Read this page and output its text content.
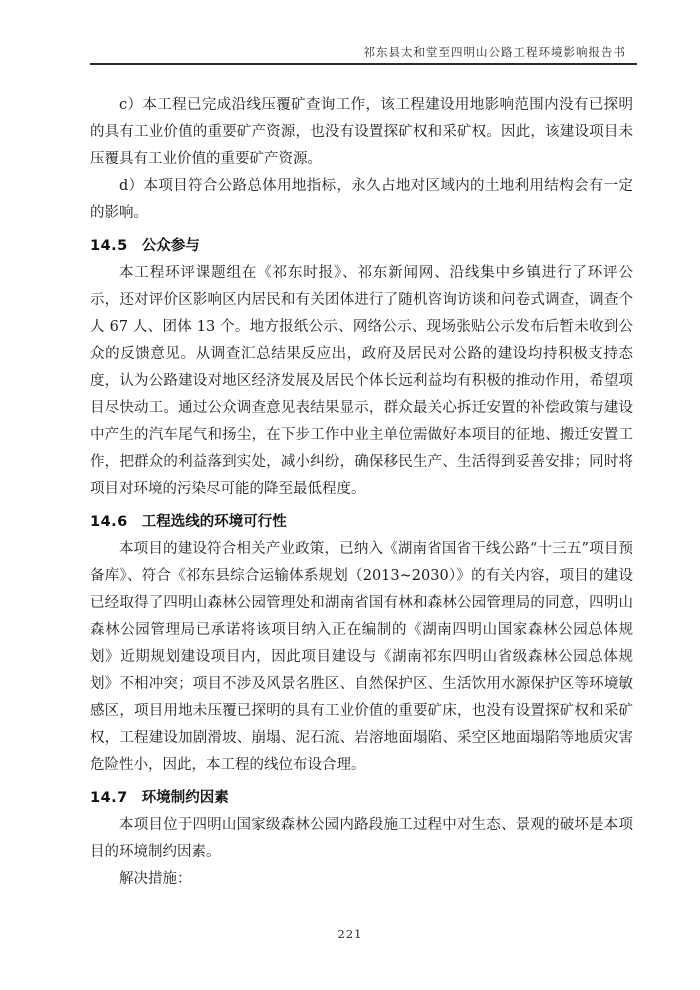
祁东县太和堂至四明山公路工程环境影响报告书

c）本工程已完成沿线压覆矿查询工作，该工程建设用地影响范围内没有已探明的具有工业价值的重要矿产资源，也没有设置探矿权和采矿权。因此，该建设项目未压覆具有工业价值的重要矿产资源。

d）本项目符合公路总体用地指标，永久占地对区域内的土地利用结构会有一定的影响。

14.5 公众参与

本工程环评课题组在《祁东时报》、祁东新闻网、沿线集中乡镇进行了环评公示，还对评价区影响区内居民和有关团体进行了随机咨询访谈和问卷式调查，调查个人 67 人、团体 13 个。地方报纸公示、网络公示、现场张贴公示发布后暂未收到公众的反馈意见。从调查汇总结果反应出，政府及居民对公路的建设均持积极支持态度，认为公路建设对地区经济发展及居民个体长远利益均有积极的推动作用，希望项目尽快动工。通过公众调查意见表结果显示，群众最关心拆迁安置的补偿政策与建设中产生的汽车尾气和扬尘，在下步工作中业主单位需做好本项目的征地、搬迁安置工作，把群众的利益落到实处，减小纠纷，确保移民生产、生活得到妥善安排；同时将项目对环境的污染尽可能的降至最低程度。

14.6 工程选线的环境可行性

本项目的建设符合相关产业政策，已纳入《湖南省国省干线公路“十三五”项目预备库》、符合《祁东县综合运输体系规划（2013~2030）》的有关内容，项目的建设已经取得了四明山森林公园管理处和湖南省国有林和森林公园管理局的同意，四明山森林公园管理局已承诺将该项目纳入正在编制的《湖南四明山国家森林公园总体规划》近期规划建设项目内，因此项目建设与《湖南祁东四明山省级森林公园总体规划》不相冲突；项目不涉及风景名胜区、自然保护区、生活饮用水源保护区等环境敏感区，项目用地未压覆已探明的具有工业价值的重要矿床，也没有设置探矿权和采矿权，工程建设加剧滑坡、崩塌、泥石流、岩溶地面塌陷、采空区地面塌陷等地质灾害危险性小，因此，本工程的线位布设合理。

14.7 环境制约因素

本项目位于四明山国家级森林公园内路段施工过程中对生态、景观的破坏是本项目的环境制约因素。

解决措施：

221
